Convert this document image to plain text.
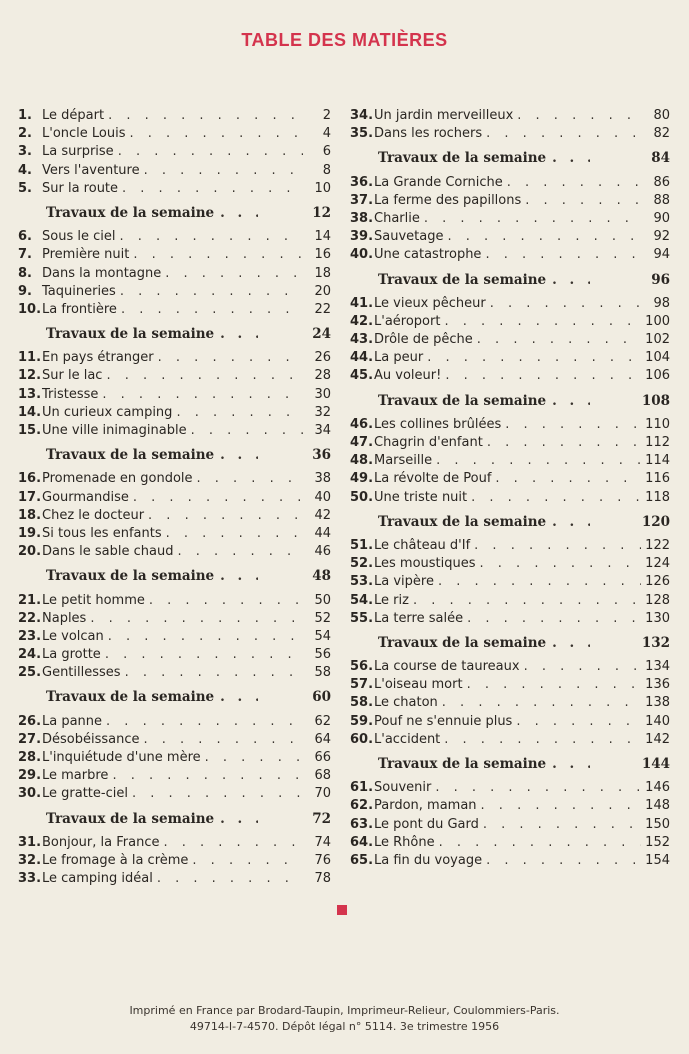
TABLE DES MATIÈRES
1. Le départ . . .	2
2. L'oncle Louis . . .	4
3. La surprise . . .	6
4. Vers l'aventure . . .	8
5. Sur la route . . .	10
Travaux de la semaine . . .	12
6. Sous le ciel . . .	14
7. Première nuit . . .	16
8. Dans la montagne . . .	18
9. Taquineries . . .	20
10. La frontière . . .	22
Travaux de la semaine . . .	24
11. En pays étranger . . .	26
12. Sur le lac . . .	28
13. Tristesse . . .	30
14. Un curieux camping . . .	32
15. Une ville inimaginable . . .	34
Travaux de la semaine . . .	36
16. Promenade en gondole . . .	38
17. Gourmandise . . .	40
18. Chez le docteur . . .	42
19. Si tous les enfants . . .	44
20. Dans le sable chaud . . .	46
Travaux de la semaine . . .	48
21. Le petit homme . . .	50
22. Naples . . .	52
23. Le volcan . . .	54
24. La grotte . . .	56
25. Gentillesses . . .	58
Travaux de la semaine . . .	60
26. La panne . . .	62
27. Désobéissance . . .	64
28. L'inquiétude d'une mère . . .	66
29. Le marbre . . .	68
30. Le gratte-ciel . . .	70
Travaux de la semaine . . .	72
31. Bonjour, la France . . .	74
32. Le fromage à la crème . . .	76
33. Le camping idéal . . .	78
34. Un jardin merveilleux . . .	80
35. Dans les rochers . . .	82
Travaux de la semaine . . .	84
36. La Grande Corniche . . .	86
37. La ferme des papillons . . .	88
38. Charlie . . .	90
39. Sauvetage . . .	92
40. Une catastrophe . . .	94
Travaux de la semaine . . .	96
41. Le vieux pêcheur . . .	98
42. L'aéroport . . .	100
43. Drôle de pêche . . .	102
44. La peur . . .	104
45. Au voleur! . . .	106
Travaux de la semaine . . .	108
46. Les collines brûlées . . .	110
47. Chagrin d'enfant . . .	112
48. Marseille . . .	114
49. La révolte de Pouf . . .	116
50. Une triste nuit . . .	118
Travaux de la semaine . . .	120
51. Le château d'If . . .	122
52. Les moustiques . . .	124
53. La vipère . . .	126
54. Le riz . . .	128
55. La terre salée . . .	130
Travaux de la semaine . . .	132
56. La course de taureaux . . .	134
57. L'oiseau mort . . .	136
58. Le chaton . . .	138
59. Pouf ne s'ennuie plus . . .	140
60. L'accident . . .	142
Travaux de la semaine . . .	144
61. Souvenir . . .	146
62. Pardon, maman . . .	148
63. Le pont du Gard . . .	150
64. Le Rhône . . .	152
65. La fin du voyage . . .	154
Imprimé en France par Brodard-Taupin, Imprimeur-Relieur, Coulommiers-Paris.
49714-I-7-4570. Dépôt légal n° 5114. 3e trimestre 1956
